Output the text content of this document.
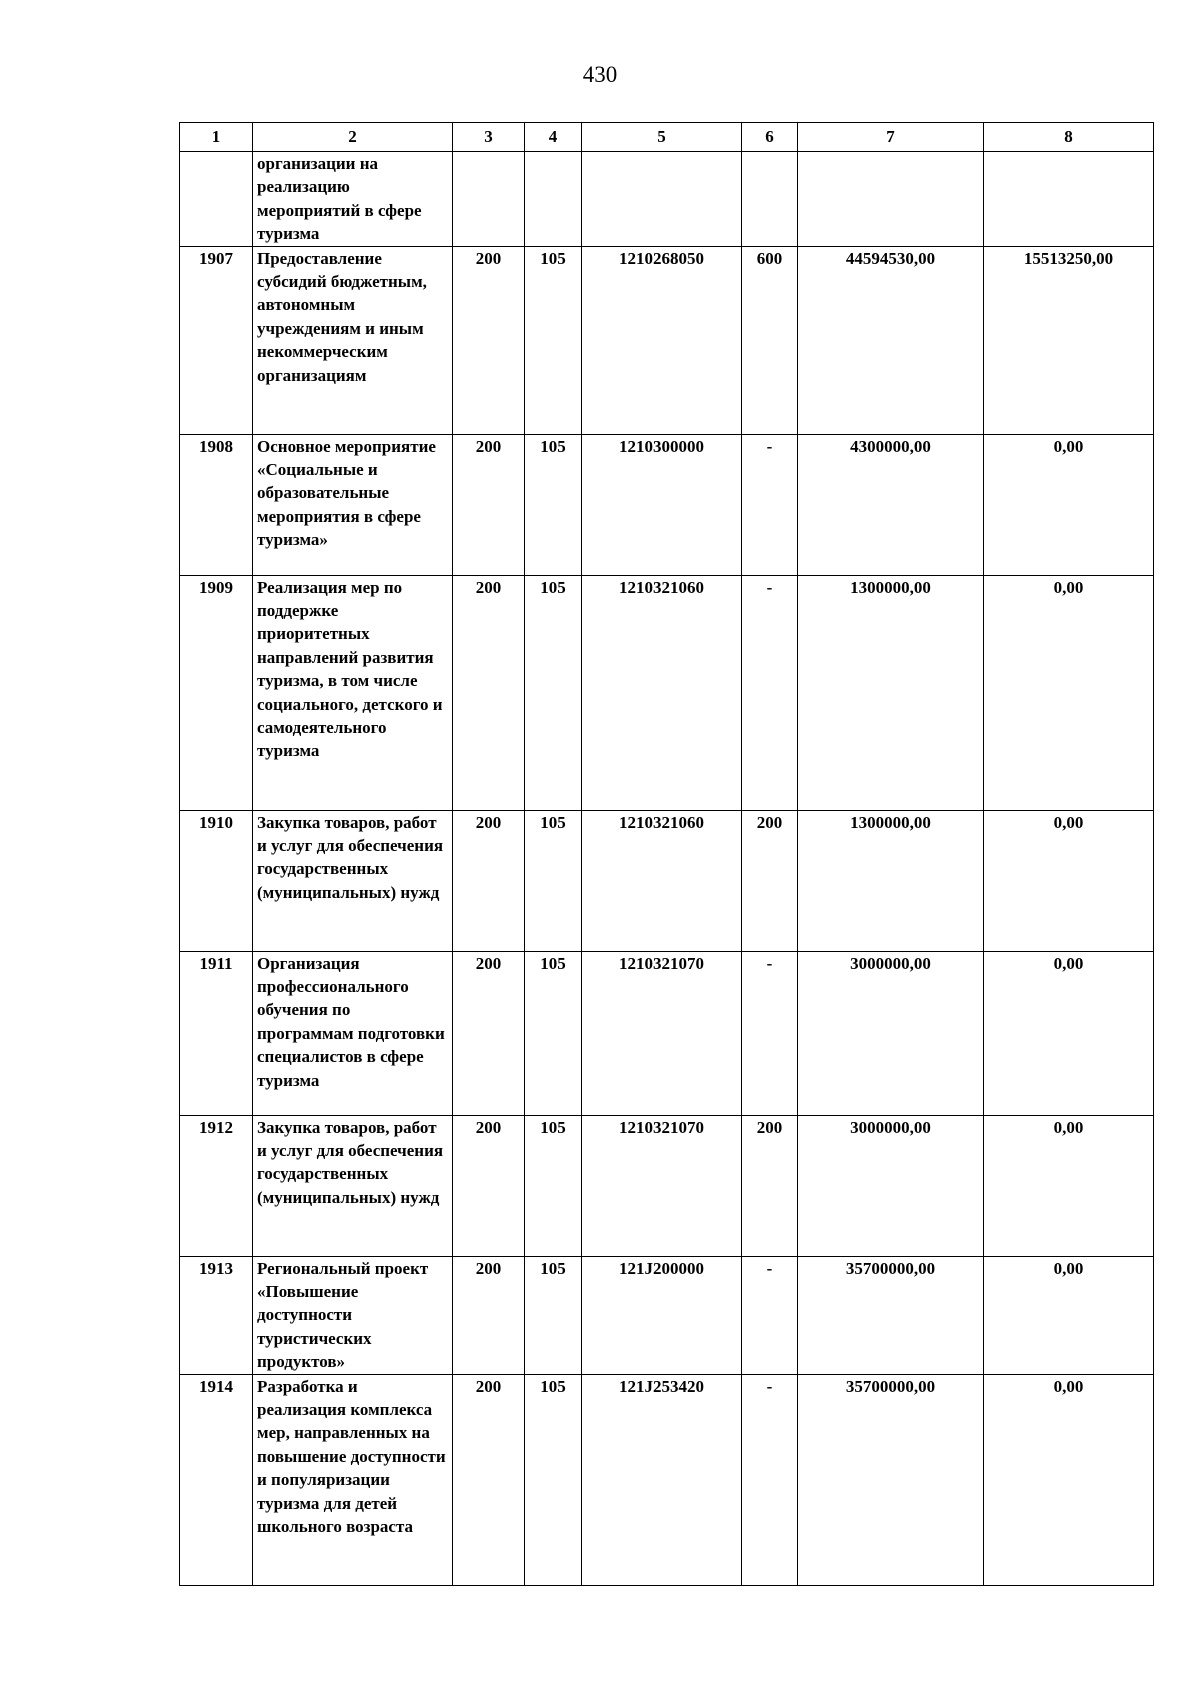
430
1	2	3	4	5	6	7	8
	организации на реализацию мероприятий в сфере туризма						
1907	Предоставление субсидий бюджетным, автономным учреждениям и иным некоммерческим организациям	200	105	1210268050	600	44594530,00	15513250,00
1908	Основное мероприятие «Социальные и образовательные мероприятия в сфере туризма»	200	105	1210300000	-	4300000,00	0,00
1909	Реализация мер по поддержке приоритетных направлений развития туризма, в том числе социального, детского и самодеятельного туризма	200	105	1210321060	-	1300000,00	0,00
1910	Закупка товаров, работ и услуг для обеспечения государственных (муниципальных) нужд	200	105	1210321060	200	1300000,00	0,00
1911	Организация профессионального обучения по программам подготовки специалистов в сфере туризма	200	105	1210321070	-	3000000,00	0,00
1912	Закупка товаров, работ и услуг для обеспечения государственных (муниципальных) нужд	200	105	1210321070	200	3000000,00	0,00
1913	Региональный проект «Повышение доступности туристических продуктов»	200	105	121J200000	-	35700000,00	0,00
1914	Разработка и реализация комплекса мер, направленных на повышение доступности и популяризации туризма для детей школьного возраста	200	105	121J253420	-	35700000,00	0,00
